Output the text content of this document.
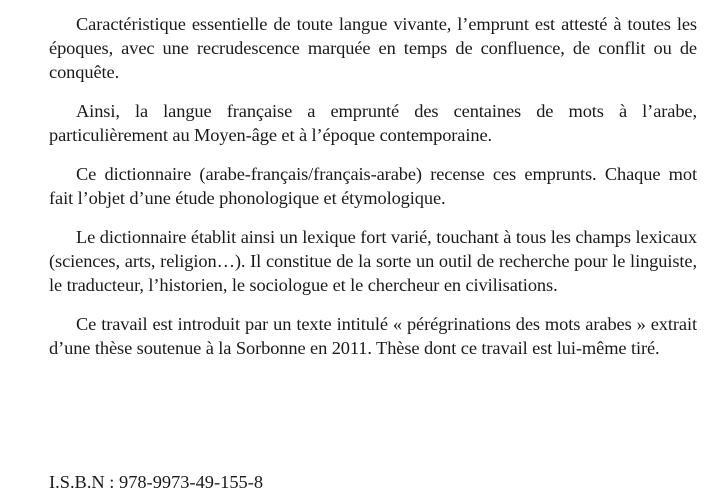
Caractéristique essentielle de toute langue vivante, l’emprunt est attesté à toutes les époques, avec une recrudescence marquée en temps de confluence, de conflit ou de conquête.

Ainsi, la langue française a emprunté des centaines de mots à l’arabe, particulièrement au Moyen-âge et à l’époque contemporaine.

Ce dictionnaire (arabe-français/français-arabe) recense ces emprunts. Chaque mot fait l’objet d’une étude phonologique et étymologique.

Le dictionnaire établit ainsi un lexique fort varié, touchant à tous les champs lexicaux (sciences, arts, religion…). Il constitue de la sorte un outil de recherche pour le linguiste, le traducteur, l’historien, le sociologue et le chercheur en civilisations.

Ce travail est introduit par un texte intitulé « pérégrinations des mots arabes » extrait d’une thèse soutenue à la Sorbonne en 2011. Thèse dont ce travail est lui-même tiré.

I.S.B.N : 978-9973-49-155-8
